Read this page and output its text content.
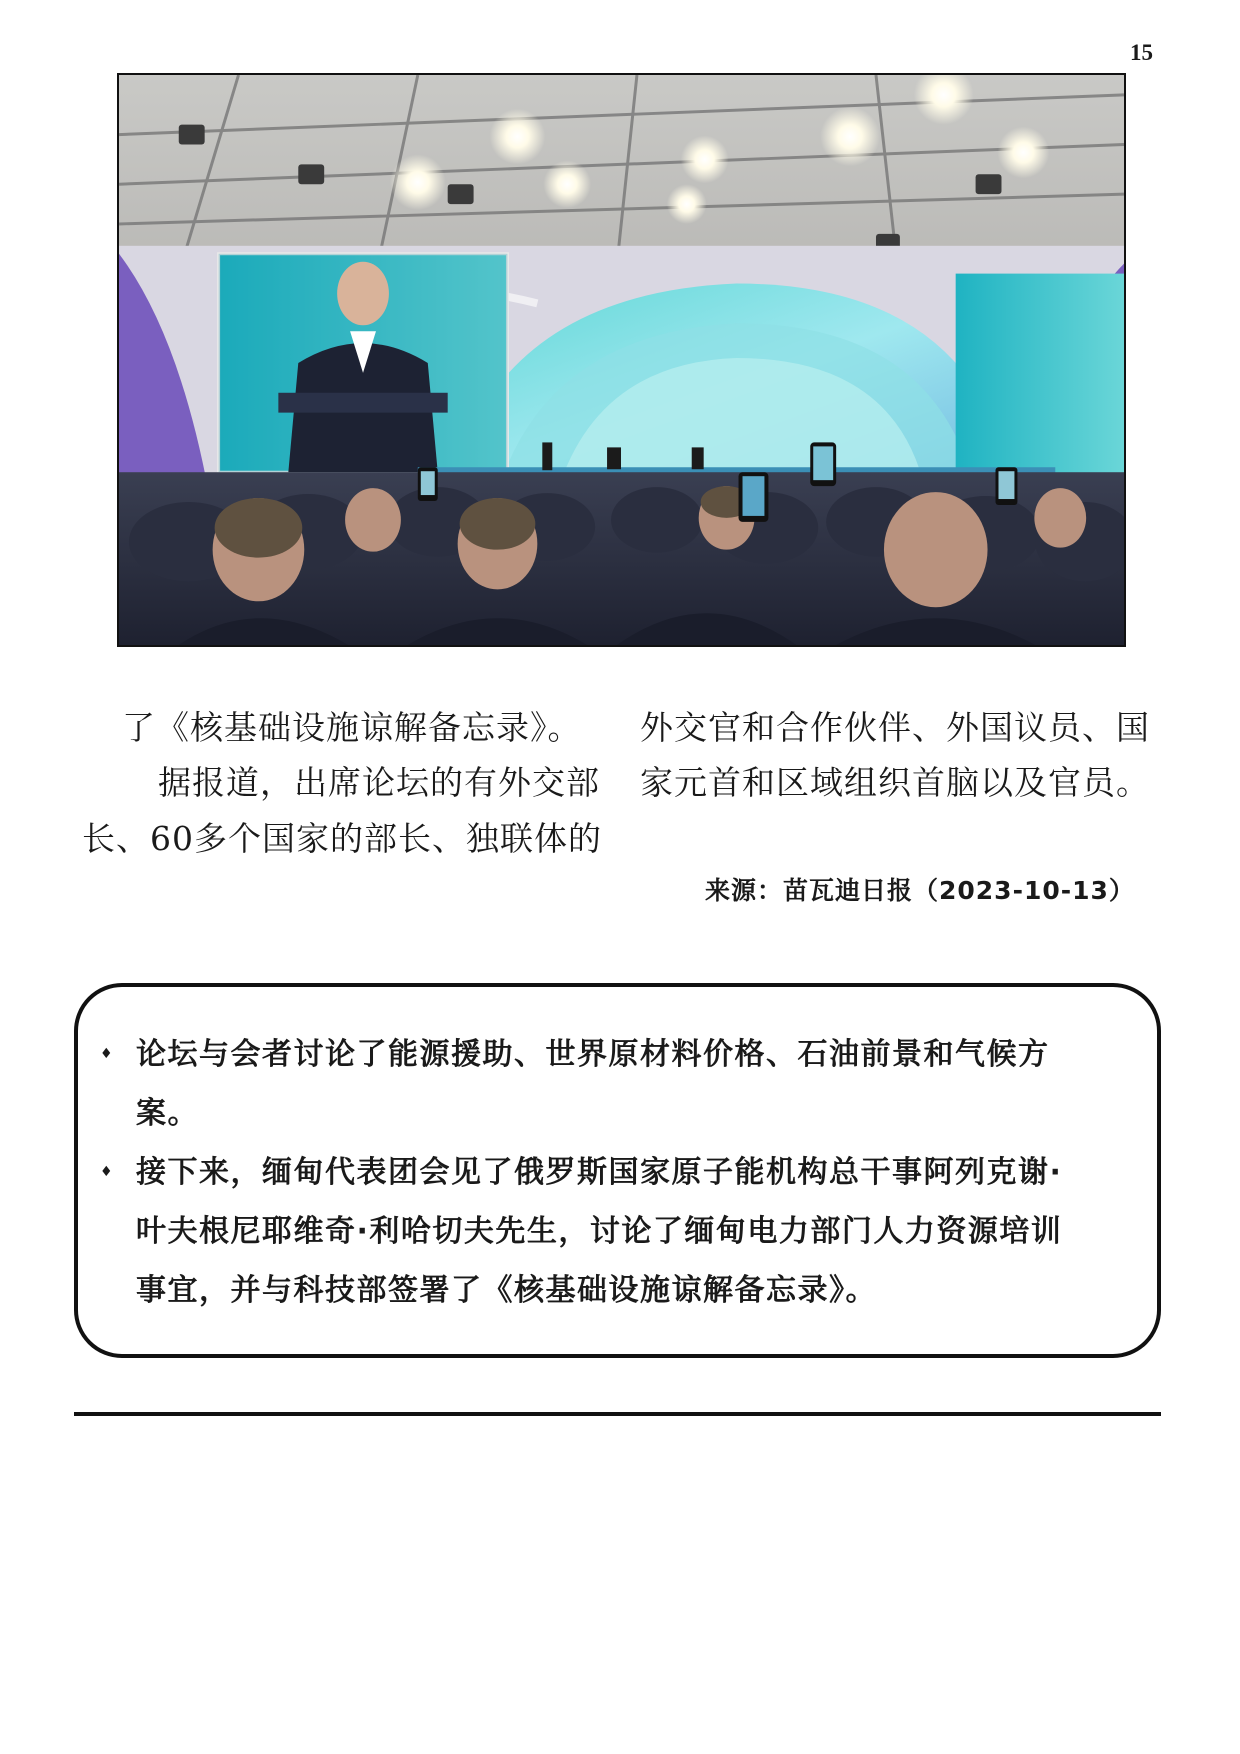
15

了《核基础设施谅解备忘录》。

据报道，出席论坛的有外交部

长、60多个国家的部长、独联体的

外交官和合作伙伴、外国议员、国

家元首和区域组织首脑以及官员。

来源：苗瓦迪日报（2023-10-13）
♦ 论坛与会者讨论了能源援助、世界原材料价格、石油前景和气候方
案。
♦ 接下来，缅甸代表团会见了俄罗斯国家原子能机构总干事阿列克谢·
叶夫根尼耶维奇·利哈切夫先生，讨论了缅甸电力部门人力资源培训
事宜，并与科技部签署了《核基础设施谅解备忘录》。
